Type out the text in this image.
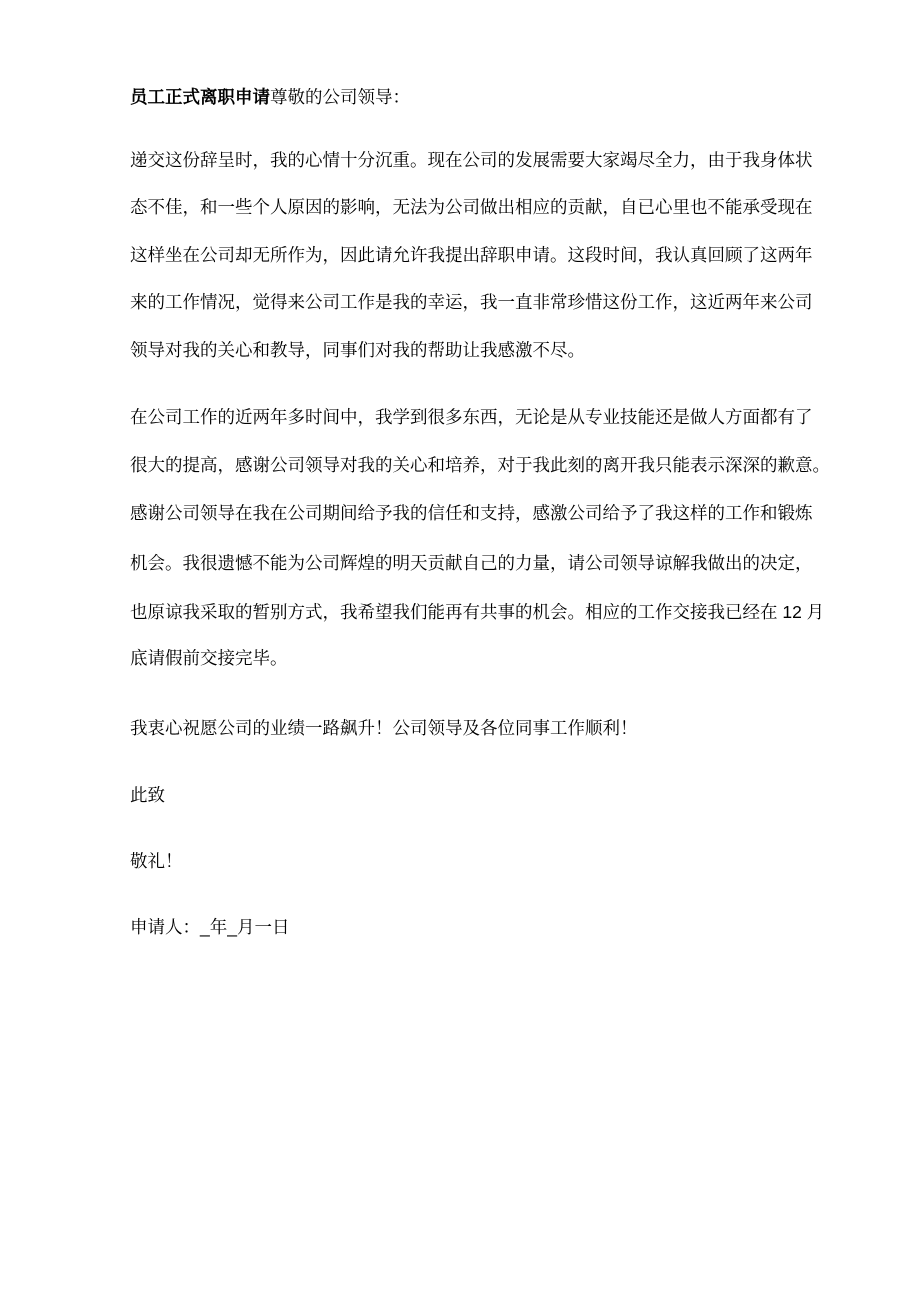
员工正式离职申请尊敬的公司领导：
递交这份辞呈时，我的心情十分沉重。现在公司的发展需要大家竭尽全力，由于我身体状
态不佳，和一些个人原因的影响，无法为公司做出相应的贡献，自已心里也不能承受现在
这样坐在公司却无所作为，因此请允许我提出辞职申请。这段时间，我认真回顾了这两年
来的工作情况，觉得来公司工作是我的幸运，我一直非常珍惜这份工作，这近两年来公司
领导对我的关心和教导，同事们对我的帮助让我感激不尽。
在公司工作的近两年多时间中，我学到很多东西，无论是从专业技能还是做人方面都有了
很大的提高，感谢公司领导对我的关心和培养，对于我此刻的离开我只能表示深深的歉意。
感谢公司领导在我在公司期间给予我的信任和支持，感激公司给予了我这样的工作和锻炼
机会。我很遗憾不能为公司辉煌的明天贡献自己的力量，请公司领导谅解我做出的决定，
也原谅我采取的暂别方式，我希望我们能再有共事的机会。相应的工作交接我已经在 12 月
底请假前交接完毕。
我衷心祝愿公司的业绩一路飙升！公司领导及各位同事工作顺利！
此致
敬礼！
申请人：_年_月一日
